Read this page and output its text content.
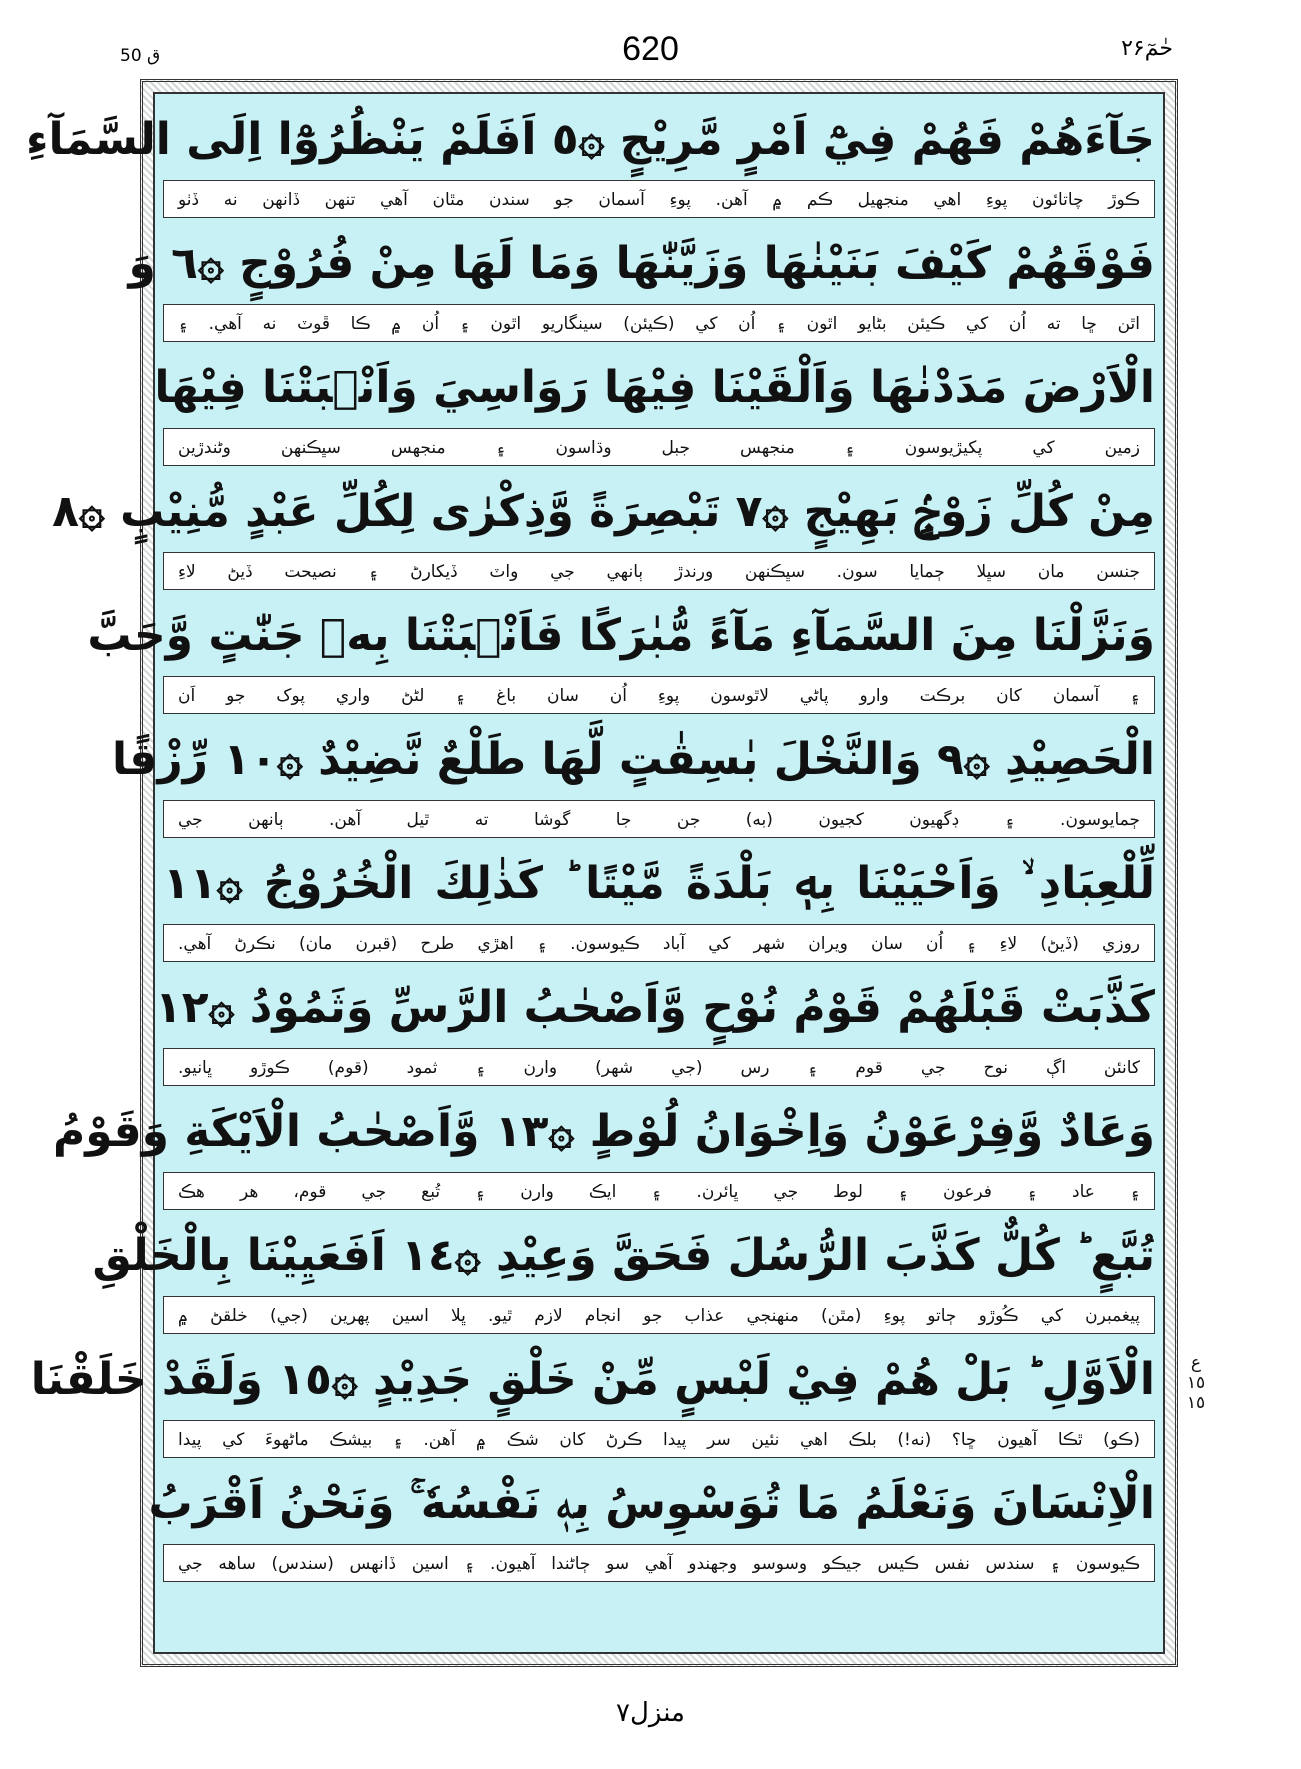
ق 50	620	حٰمٓ۲۶
جَآءَهُمْ فَهُمْ فِيْٓ اَمْرٍ مَّرِيْجٍ ۞٥ اَفَلَمْ يَنْظُرُوْٓا اِلَى السَّمَآءِ
ڪوڙ چاتائون پوءِ اهي منجهيل ڪم ۾ آهن. پوءِ آسمان جو سندن مٿان آهي تنهن ڏانهن نه ڏٺو
فَوْقَهُمْ كَيْفَ بَنَيْنٰهَا وَزَيَّنّٰهَا وَمَا لَهَا مِنْ فُرُوْجٍ ۞٦ وَ
اٿن ڇا ته اُن کي ڪيئن بڻايو اٿون ۽ اُن کي (ڪيئن) سينگاريو اٿون ۽ اُن ۾ ڪا ڦوٽ نه آهي. ۽
الْاَرْضَ مَدَدْنٰهَا وَاَلْقَيْنَا فِيْهَا رَوَاسِيَ وَاَنْۢبَتْنَا فِيْهَا
زمين کي پکيڙيوسون ۽ منجهس جبل وڌاسون ۽ منجهس سڀڪنهن وڻندڙين
مِنْ كُلِّ زَوْجٍۢ بَهِيْجٍ ۞٧ تَبْصِرَةً وَّذِكْرٰى لِكُلِّ عَبْدٍ مُّنِيْبٍ ۞٨
جنسن مان سڀلا ڄمايا سون. سڀڪنهن ورندڙ ٻانهي جي واٽ ڏيکارڻ ۽ نصيحت ڏيڻ لاءِ
وَنَزَّلْنَا مِنَ السَّمَآءِ مَآءً مُّبٰرَكًا فَاَنْۢبَتْنَا بِهٖ جَنّٰتٍ وَّحَبَّ
۽ آسمان کان برڪت وارو پاڻي لاٿوسون پوءِ اُن سان باغ ۽ لڻڻ واري پوک جو اَن
الْحَصِيْدِ ۞٩ وَالنَّخْلَ بٰسِقٰتٍ لَّهَا طَلْعٌ نَّضِيْدٌ ۞١٠ رِّزْقًا
ڄمايوسون. ۽ ڊگهيون کجيون (به) جن جا گوشا ته ٿيل آهن. ٻانهن جي
لِّلْعِبَادِ ۙ وَاَحْيَيْنَا بِهٖ بَلْدَةً مَّيْتًا ؕ كَذٰلِكَ الْخُرُوْجُ ۞١١
روزي (ڏيڻ) لاءِ ۽ اُن سان ويران شهر کي آباد ڪيوسون. ۽ اهڙي طرح (قبرن مان) نڪرڻ آهي.
كَذَّبَتْ قَبْلَهُمْ قَوْمُ نُوْحٍ وَّاَصْحٰبُ الرَّسِّ وَثَمُوْدُ ۞١٢
کانئن اڳ نوح جي قوم ۽ رس (جي شهر) وارن ۽ ثمود (قوم) ڪوڙو ڀانيو.
وَعَادٌ وَّفِرْعَوْنُ وَاِخْوَانُ لُوْطٍ ۞١٣ وَّاَصْحٰبُ الْاَيْكَةِ وَقَوْمُ
۽ عاد ۽ فرعون ۽ لوط جي ڀائرن. ۽ ايڪ وارن ۽ تُبع جي قوم، هر هڪ
تُبَّعٍ ؕ كُلٌّ كَذَّبَ الرُّسُلَ فَحَقَّ وَعِيْدِ ۞١٤ اَفَعَيِيْنَا بِالْخَلْقِ
پيغمبرن کي ڪُوڙو ڄاتو پوءِ (مٿن) منهنجي عذاب جو انجام لازم ٿيو. ڀلا اسين پهرين (جي) خلقڻ ۾
الْاَوَّلِ ؕ بَلْ هُمْ فِيْ لَبْسٍ مِّنْ خَلْقٍ جَدِيْدٍ ۞١٥ وَلَقَدْ خَلَقْنَا
(ڪو) ٿڪا آهيون ڇا؟ (نه!) بلڪ اهي نئين سر پيدا ڪرڻ کان شڪ ۾ آهن. ۽ بيشڪ ماڻهوءَ کي پيدا
الْاِنْسَانَ وَنَعْلَمُ مَا تُوَسْوِسُ بِهٖ نَفْسُهٗ ۚ وَنَحْنُ اَقْرَبُ
ڪيوسون ۽ سندس نفس ڪيس جيڪو وسوسو وجهندو آهي سو ڄاڻندا آهيون. ۽ اسين ڏانهس (سندس) ساهه جي
ع
١٥
١٥
منزل۷
